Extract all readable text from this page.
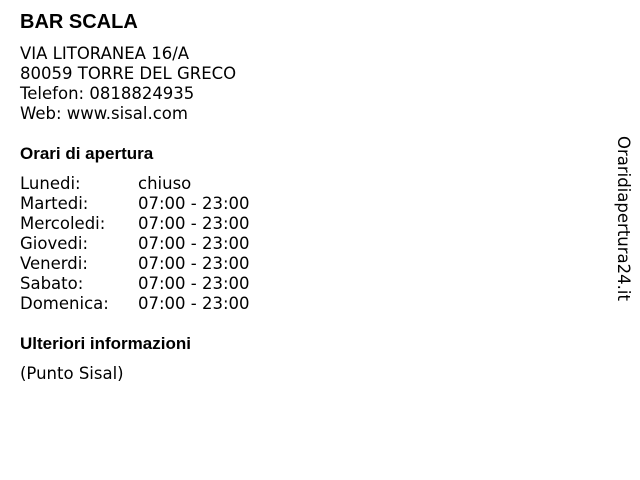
BAR SCALA
VIA LITORANEA 16/A
80059 TORRE DEL GRECO
Telefon: 0818824935
Web: www.sisal.com
Orari di apertura
Lunedi:	chiuso
Martedi:	07:00 - 23:00
Mercoledi: 07:00 - 23:00
Giovedi:	07:00 - 23:00
Venerdi:	07:00 - 23:00
Sabato:	07:00 - 23:00
Domenica: 07:00 - 23:00
Ulteriori informazioni
(Punto Sisal)
Oraridiapertura24.it
